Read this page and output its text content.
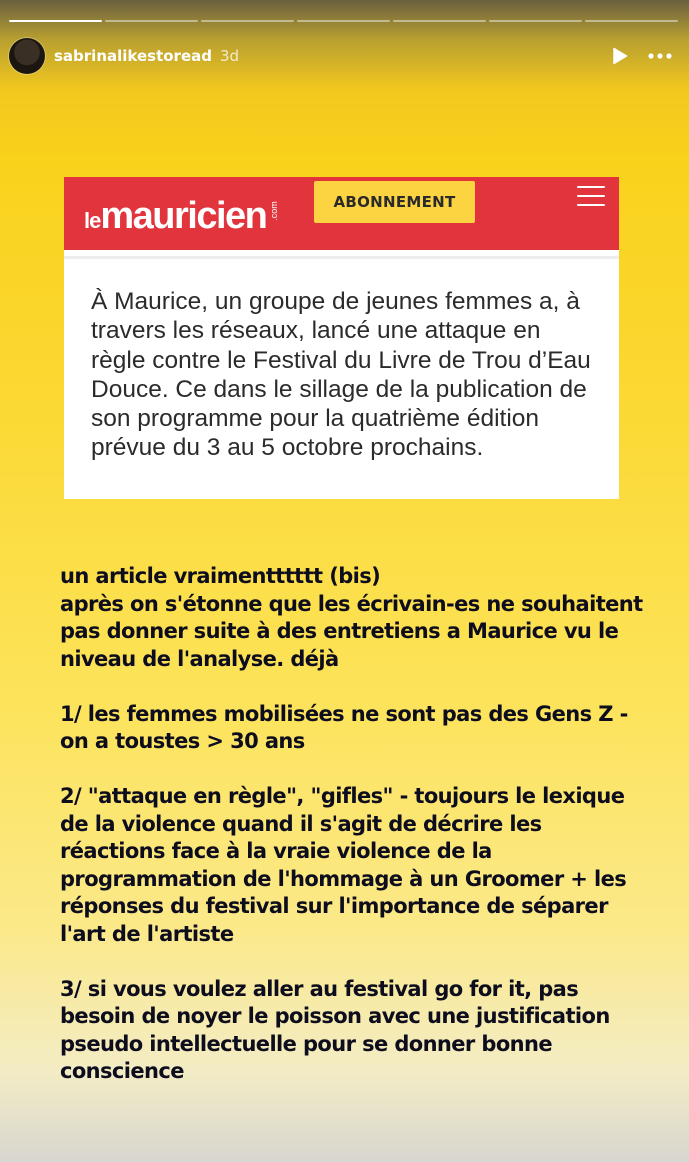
sabrinalikestoread 3d
lemauricien .com	ABONNEMENT
À Maurice, un groupe de jeunes femmes a, à travers les réseaux, lancé une attaque en règle contre le Festival du Livre de Trou d’Eau Douce. Ce dans le sillage de la publication de son programme pour la quatrième édition prévue du 3 au 5 octobre prochains.

un article vraimentttttt (bis)
après on s'étonne que les écrivain-es ne souhaitent pas donner suite à des entretiens a Maurice vu le niveau de l'analyse. déjà

1/ les femmes mobilisées ne sont pas des Gens Z - on a toustes > 30 ans

2/ "attaque en règle", "gifles" - toujours le lexique de la violence quand il s'agit de décrire les réactions face à la vraie violence de la programmation de l'hommage à un Groomer + les réponses du festival sur l'importance de séparer l'art de l'artiste

3/ si vous voulez aller au festival go for it, pas besoin de noyer le poisson avec une justification pseudo intellectuelle pour se donner bonne conscience
